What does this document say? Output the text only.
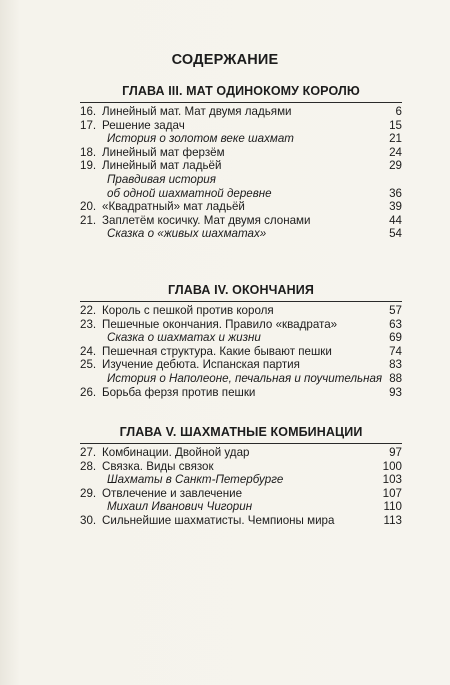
СОДЕРЖАНИЕ
ГЛАВА III. МАТ ОДИНОКОМУ КОРОЛЮ
16. Линейный мат. Мат двумя ладьями	6
17. Решение задач	15
История о золотом веке шахмат	21
18. Линейный мат ферзём	24
19. Линейный мат ладьёй	29
Правдивая история
об одной шахматной деревне	36
20. «Квадратный» мат ладьёй	39
21. Заплетём косичку. Мат двумя слонами	44
Сказка о «живых шахматах»	54
ГЛАВА IV. ОКОНЧАНИЯ
22. Король с пешкой против короля	57
23. Пешечные окончания. Правило «квадрата»	63
Сказка о шахматах и жизни	69
24. Пешечная структура. Какие бывают пешки	74
25. Изучение дебюта. Испанская партия	83
История о Наполеоне, печальная и поучительная 88
26. Борьба ферзя против пешки	93
ГЛАВА V. ШАХМАТНЫЕ КОМБИНАЦИИ
27. Комбинации. Двойной удар	97
28. Связка. Виды связок	100
Шахматы в Санкт-Петербурге	103
29. Отвлечение и завлечение	107
Михаил Иванович Чигорин	110
30. Сильнейшие шахматисты. Чемпионы мира	113
